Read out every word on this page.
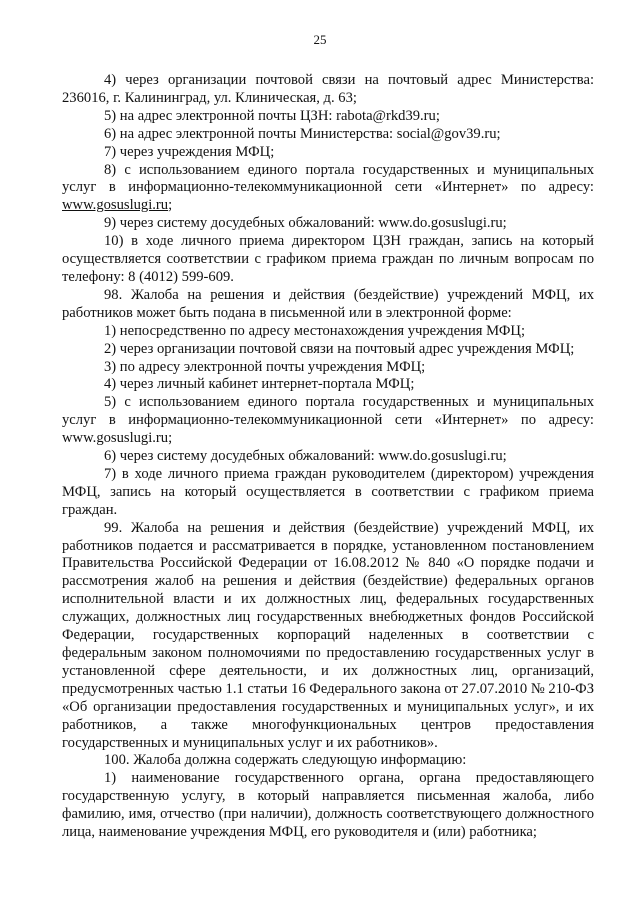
25

4) через организации почтовой связи на почтовый адрес Министерства: 236016, г. Калининград, ул. Клиническая, д. 63;

5) на адрес электронной почты ЦЗН: rabota@rkd39.ru;

6) на адрес электронной почты Министерства: social@gov39.ru;

7) через учреждения МФЦ;

8) с использованием единого портала государственных и муниципальных услуг в информационно-телекоммуникационной сети «Интернет» по адресу: www.gosuslugi.ru;

9) через систему досудебных обжалований: www.do.gosuslugi.ru;

10) в ходе личного приема директором ЦЗН граждан, запись на который осуществляется соответствии с графиком приема граждан по личным вопросам по телефону: 8 (4012) 599-609.

98. Жалоба на решения и действия (бездействие) учреждений МФЦ, их работников может быть подана в письменной или в электронной форме:

1) непосредственно по адресу местонахождения учреждения МФЦ;

2) через организации почтовой связи на почтовый адрес учреждения МФЦ;

3) по адресу электронной почты учреждения МФЦ;

4) через личный кабинет интернет-портала МФЦ;

5) с использованием единого портала государственных и муниципальных услуг в информационно-телекоммуникационной сети «Интернет» по адресу: www.gosuslugi.ru;

6) через систему досудебных обжалований: www.do.gosuslugi.ru;

7) в ходе личного приема граждан руководителем (директором) учреждения МФЦ, запись на который осуществляется в соответствии с графиком приема граждан.

99. Жалоба на решения и действия (бездействие) учреждений МФЦ, их работников подается и рассматривается в порядке, установленном постановлением Правительства Российской Федерации от 16.08.2012 № 840 «О порядке подачи и рассмотрения жалоб на решения и действия (бездействие) федеральных органов исполнительной власти и их должностных лиц, федеральных государственных служащих, должностных лиц государственных внебюджетных фондов Российской Федерации, государственных корпораций наделенных в соответствии с федеральным законом полномочиями по предоставлению государственных услуг в установленной сфере деятельности, и их должностных лиц, организаций, предусмотренных частью 1.1 статьи 16 Федерального закона от 27.07.2010 № 210-ФЗ «Об организации предоставления государственных и муниципальных услуг», и их работников, а также многофункциональных центров предоставления государственных и муниципальных услуг и их работников».

100. Жалоба должна содержать следующую информацию:

1) наименование государственного органа, органа предоставляющего государственную услугу, в который направляется письменная жалоба, либо фамилию, имя, отчество (при наличии), должность соответствующего должностного лица, наименование учреждения МФЦ, его руководителя и (или) работника;
